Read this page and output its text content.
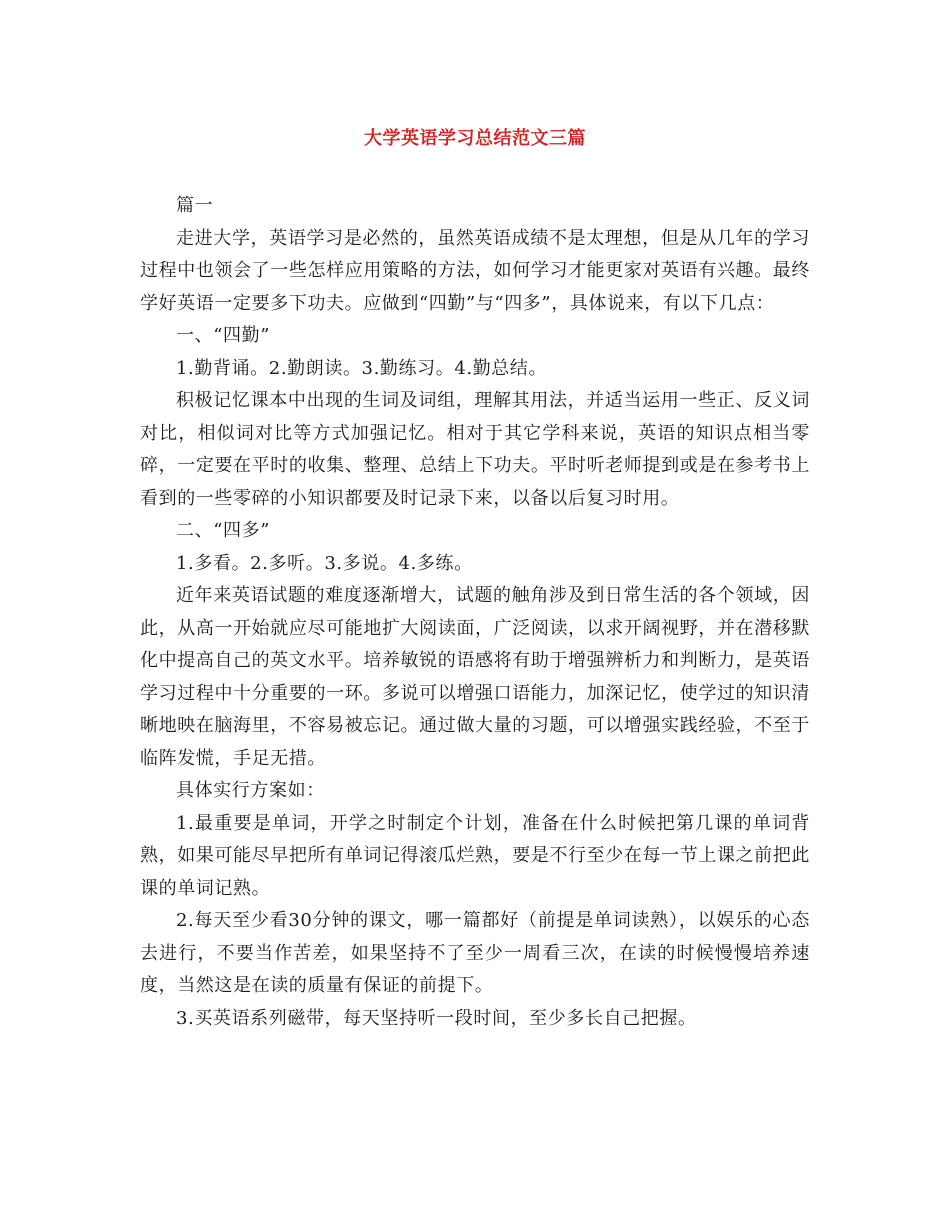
大学英语学习总结范文三篇

篇一

走进大学，英语学习是必然的，虽然英语成绩不是太理想，但是从几年的学习过程中也领会了一些怎样应用策略的方法，如何学习才能更家对英语有兴趣。最终学好英语一定要多下功夫。应做到“四勤”与“四多”，具体说来，有以下几点：

一、“四勤”

1.勤背诵。2.勤朗读。3.勤练习。4.勤总结。

积极记忆课本中出现的生词及词组，理解其用法，并适当运用一些正、反义词对比，相似词对比等方式加强记忆。相对于其它学科来说，英语的知识点相当零碎，一定要在平时的收集、整理、总结上下功夫。平时听老师提到或是在参考书上看到的一些零碎的小知识都要及时记录下来，以备以后复习时用。

二、“四多”

1.多看。2.多听。3.多说。4.多练。

近年来英语试题的难度逐渐增大，试题的触角涉及到日常生活的各个领域，因此，从高一开始就应尽可能地扩大阅读面，广泛阅读，以求开阔视野，并在潜移默化中提高自己的英文水平。培养敏锐的语感将有助于增强辨析力和判断力，是英语学习过程中十分重要的一环。多说可以增强口语能力，加深记忆，使学过的知识清晰地映在脑海里，不容易被忘记。通过做大量的习题，可以增强实践经验，不至于临阵发慌，手足无措。

具体实行方案如：

1.最重要是单词，开学之时制定个计划，准备在什么时候把第几课的单词背熟，如果可能尽早把所有单词记得滚瓜烂熟，要是不行至少在每一节上课之前把此课的单词记熟。

2.每天至少看30分钟的课文，哪一篇都好（前提是单词读熟），以娱乐的心态去进行，不要当作苦差，如果坚持不了至少一周看三次，在读的时候慢慢培养速度，当然这是在读的质量有保证的前提下。

3.买英语系列磁带，每天坚持听一段时间，至少多长自己把握。
